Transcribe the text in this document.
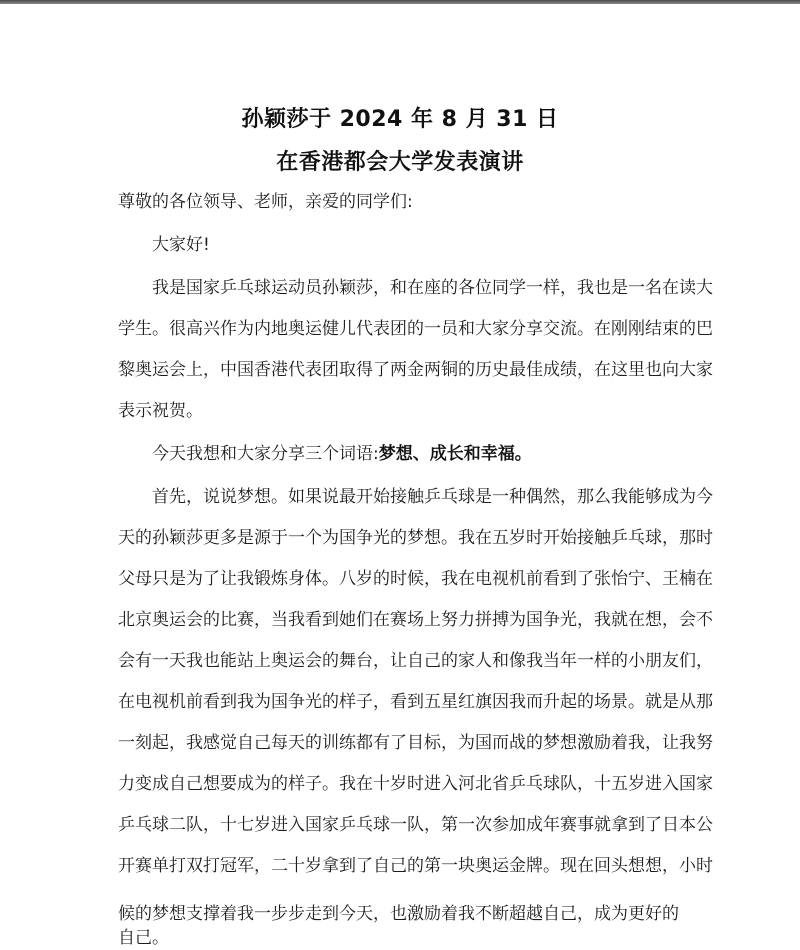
孙颖莎于 2024 年 8 月 31 日
在香港都会大学发表演讲
尊敬的各位领导、老师，亲爱的同学们:
大家好!
我是国家乒乓球运动员孙颖莎，和在座的各位同学一样，我也是一名在读大
学生。很高兴作为内地奥运健儿代表团的一员和大家分享交流。在刚刚结束的巴
黎奥运会上，中国香港代表团取得了两金两铜的历史最佳成绩，在这里也向大家
表示祝贺。
今天我想和大家分享三个词语:梦想、成长和幸福。
首先，说说梦想。如果说最开始接触乒乓球是一种偶然，那么我能够成为今
天的孙颖莎更多是源于一个为国争光的梦想。我在五岁时开始接触乒乓球，那时
父母只是为了让我锻炼身体。八岁的时候，我在电视机前看到了张怡宁、王楠在
北京奥运会的比赛，当我看到她们在赛场上努力拼搏为国争光，我就在想，会不
会有一天我也能站上奥运会的舞台，让自己的家人和像我当年一样的小朋友们，
在电视机前看到我为国争光的样子，看到五星红旗因我而升起的场景。就是从那
一刻起，我感觉自己每天的训练都有了目标，为国而战的梦想激励着我，让我努
力变成自己想要成为的样子。我在十岁时进入河北省乒乓球队，十五岁进入国家
乒乓球二队，十七岁进入国家乒乓球一队，第一次参加成年赛事就拿到了日本公
开赛单打双打冠军，二十岁拿到了自己的第一块奥运金牌。现在回头想想，小时
候的梦想支撑着我一步步走到今天，也激励着我不断超越自己，成为更好的自己。
